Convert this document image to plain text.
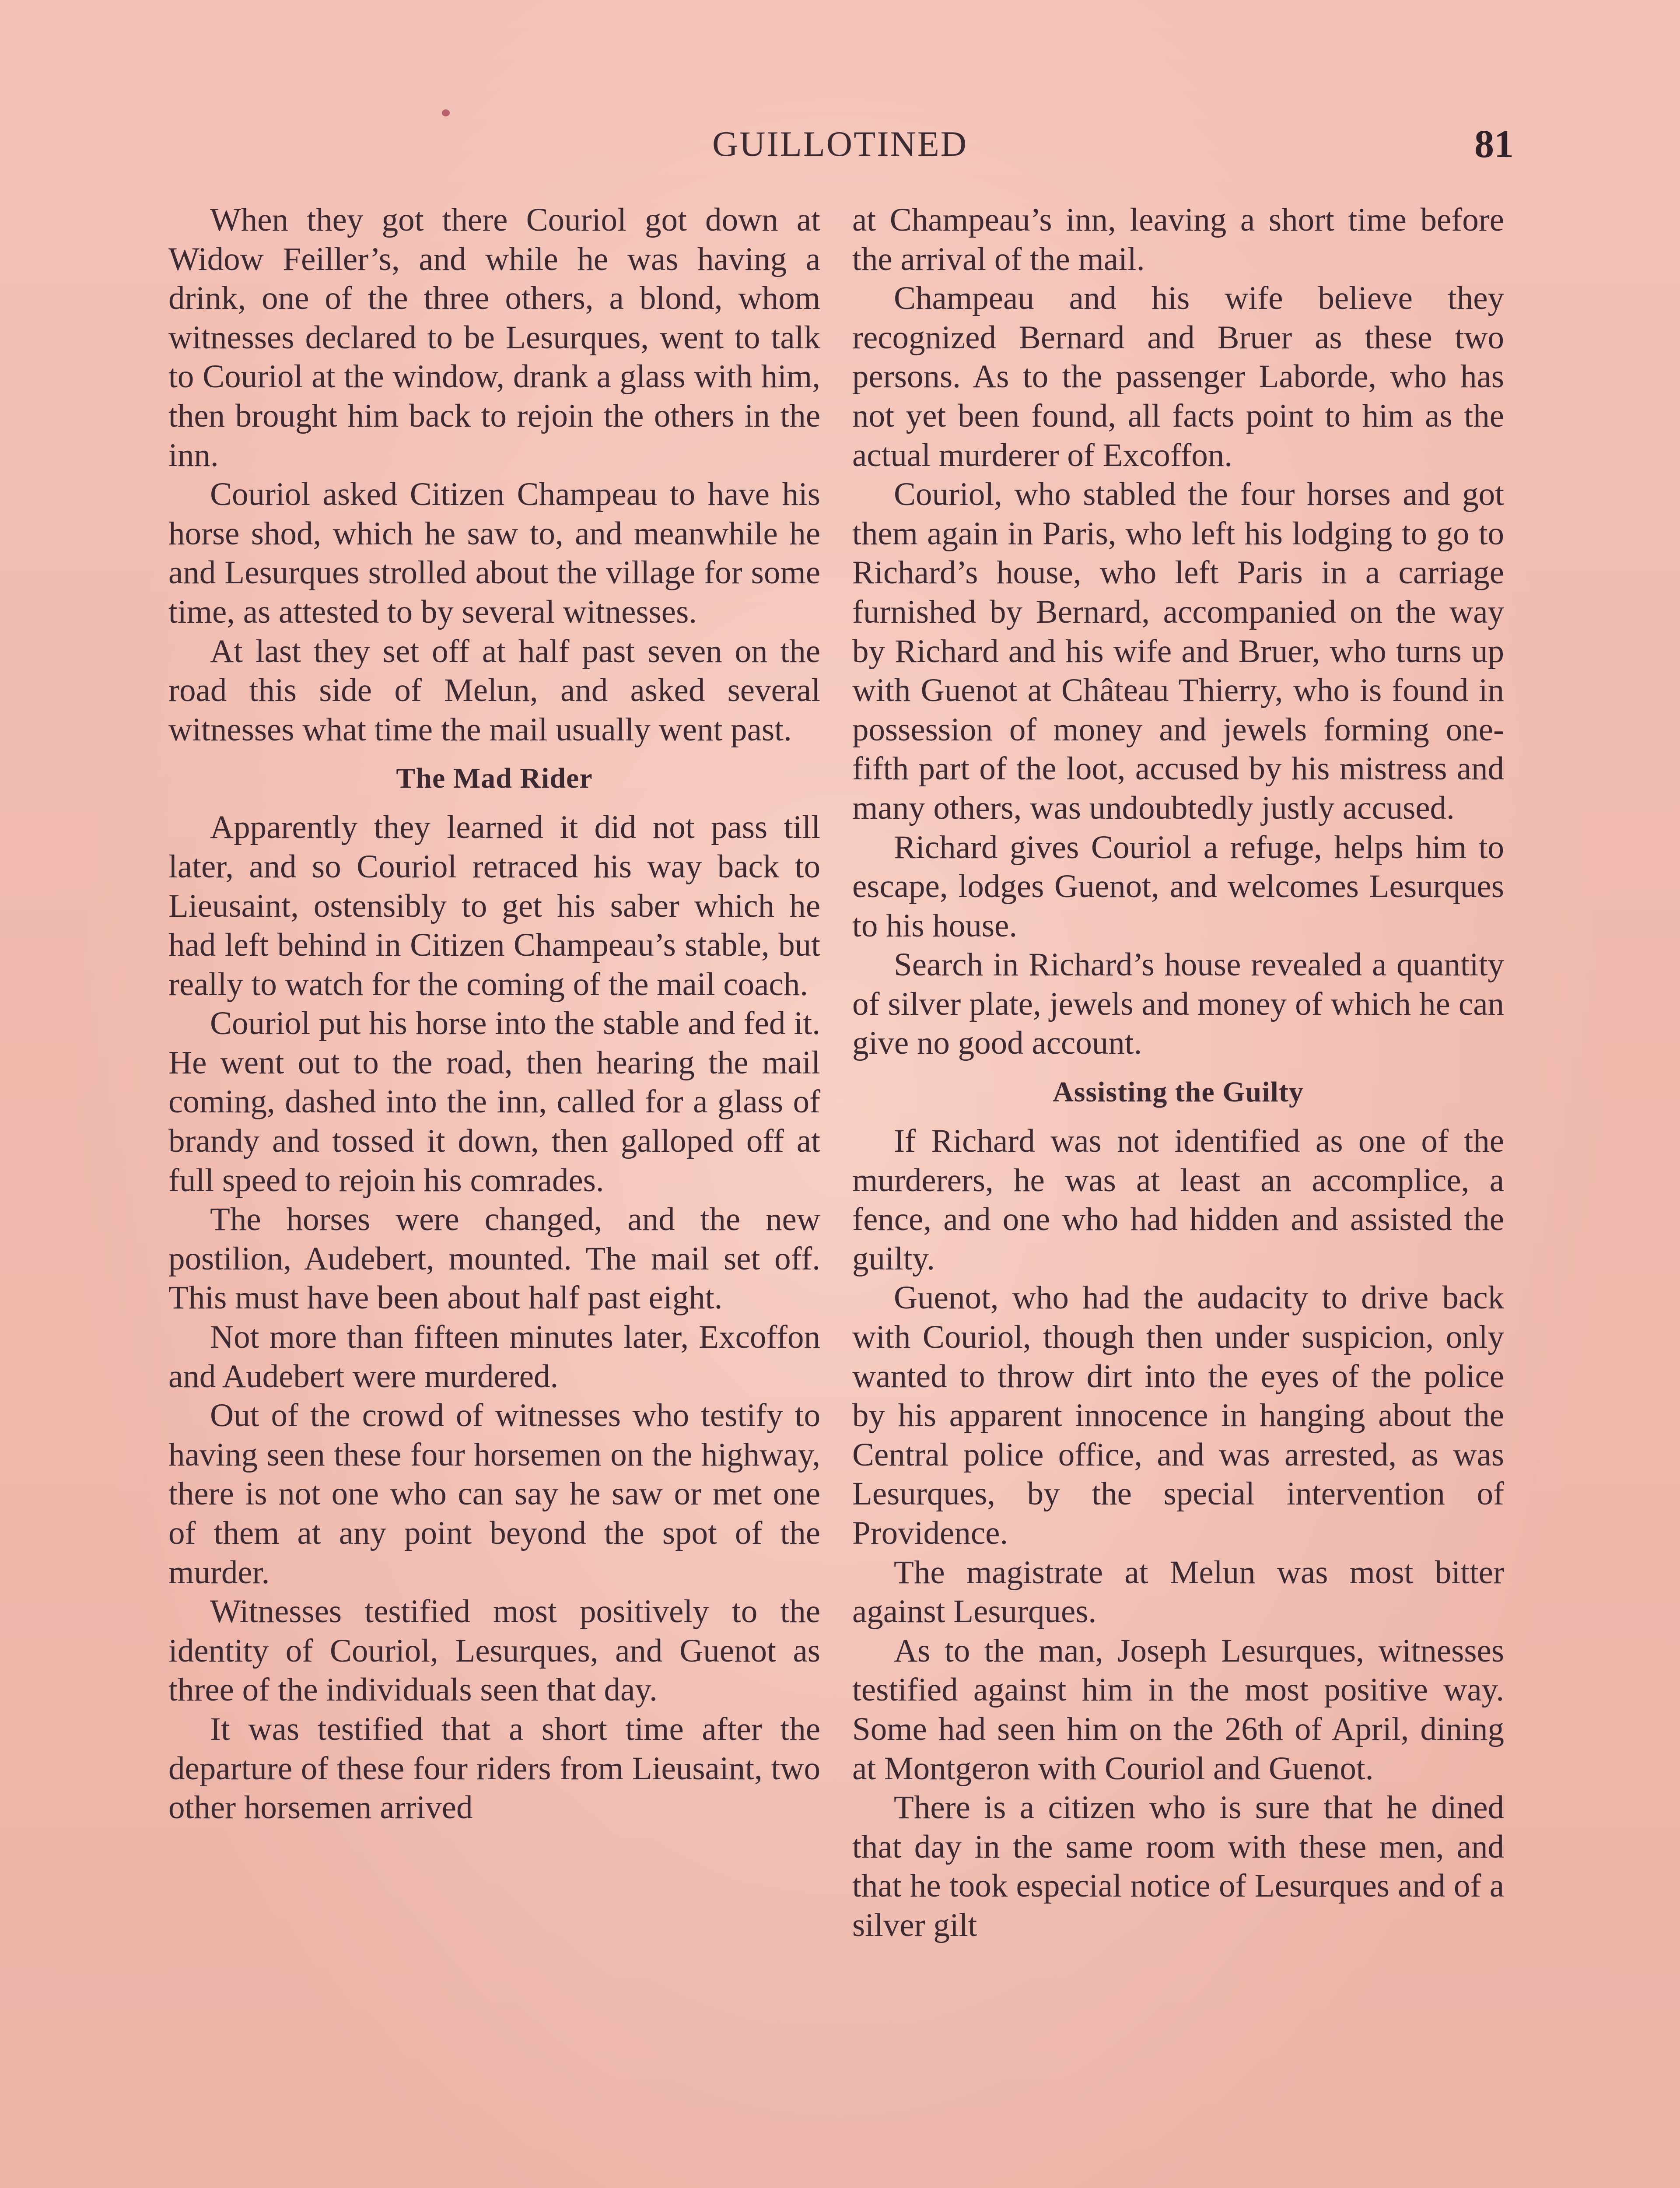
GUILLOTINED	81

When they got there Couriol got down at Widow Feiller’s, and while he was having a drink, one of the three others, a blond, whom witnesses declared to be Lesurques, went to talk to Couriol at the window, drank a glass with him, then brought him back to rejoin the others in the inn.

Couriol asked Citizen Champeau to have his horse shod, which he saw to, and meanwhile he and Lesurques strolled about the village for some time, as attested to by several witnesses.

At last they set off at half past seven on the road this side of Melun, and asked several witnesses what time the mail usually went past.

The Mad Rider

Apparently they learned it did not pass till later, and so Couriol retraced his way back to Lieusaint, ostensibly to get his saber which he had left behind in Citizen Champeau’s stable, but really to watch for the coming of the mail coach.

Couriol put his horse into the stable and fed it. He went out to the road, then hearing the mail coming, dashed into the inn, called for a glass of brandy and tossed it down, then galloped off at full speed to rejoin his comrades.

The horses were changed, and the new postilion, Audebert, mounted. The mail set off. This must have been about half past eight.

Not more than fifteen minutes later, Excoffon and Audebert were murdered.

Out of the crowd of witnesses who testify to having seen these four horsemen on the highway, there is not one who can say he saw or met one of them at any point beyond the spot of the murder.

Witnesses testified most positively to the identity of Couriol, Lesurques, and Guenot as three of the individuals seen that day.

It was testified that a short time after the departure of these four riders from Lieusaint, two other horsemen arrived

at Champeau’s inn, leaving a short time before the arrival of the mail.

Champeau and his wife believe they recognized Bernard and Bruer as these two persons. As to the passenger Laborde, who has not yet been found, all facts point to him as the actual murderer of Excoffon.

Couriol, who stabled the four horses and got them again in Paris, who left his lodging to go to Richard’s house, who left Paris in a carriage furnished by Bernard, accompanied on the way by Richard and his wife and Bruer, who turns up with Guenot at Château Thierry, who is found in possession of money and jewels forming one-fifth part of the loot, accused by his mistress and many others, was undoubtedly justly accused.

Richard gives Couriol a refuge, helps him to escape, lodges Guenot, and welcomes Lesurques to his house.

Search in Richard’s house revealed a quantity of silver plate, jewels and money of which he can give no good account.

Assisting the Guilty

If Richard was not identified as one of the murderers, he was at least an accomplice, a fence, and one who had hidden and assisted the guilty.

Guenot, who had the audacity to drive back with Couriol, though then under suspicion, only wanted to throw dirt into the eyes of the police by his apparent innocence in hanging about the Central police office, and was arrested, as was Lesurques, by the special intervention of Providence.

The magistrate at Melun was most bitter against Lesurques.

As to the man, Joseph Lesurques, witnesses testified against him in the most positive way. Some had seen him on the 26th of April, dining at Montgeron with Couriol and Guenot.

There is a citizen who is sure that he dined that day in the same room with these men, and that he took especial notice of Lesurques and of a silver gilt
